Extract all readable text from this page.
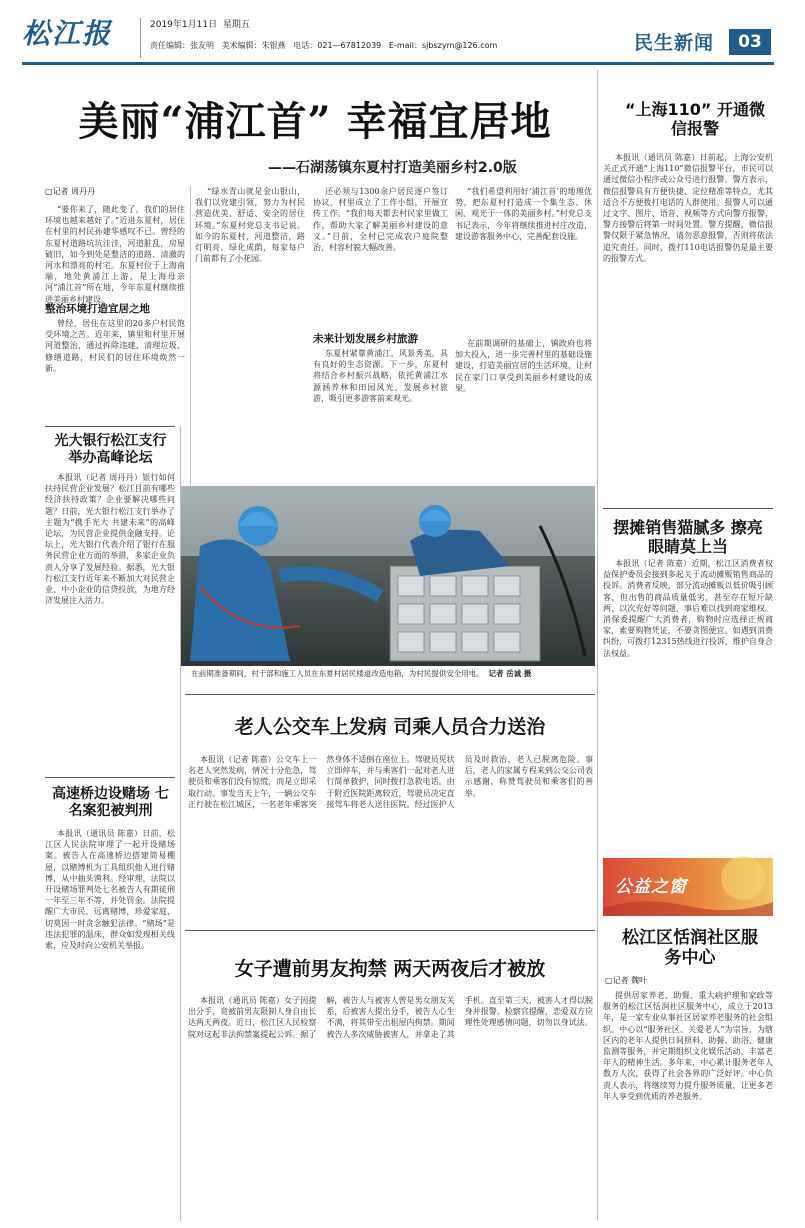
松江报	2019年1月11日 星期五
责任编辑：张友明 美术编辑：朱银燕 电话：021—67812039 E-mail：sjbszym@126.com	民生新闻	03
美丽“浦江首” 幸福宜居地
——石湖荡镇东夏村打造美丽乡村2.0版
▢记者 周丹丹
“要你来了，随此变了，我们的居住环境也越来越好了。”近进东夏村，居住在村里的村民孙建华感叹不已。曾经的东夏村道路坑坑洼洼，河道脏乱，房屋破旧，如今到处是整洁的道路、清澈的河水和漂亮的村宅。东夏村位于上海南端，地处黄浦江上游，是上海母亲河“浦江首”所在地，今年东夏村继续推进美丽乡村建设。
整治环境打造宜居之地
曾经，居住在这里的20多户村民饱受环境之苦。近年来，镇里和村里开展河道整治，通过拆除违建、清理垃圾、修缮道路，村民们的居住环境焕然一新。
“绿水青山就是金山银山，我们以党建引领，努力为村民营造优美、舒适、安全的居住环境。”东夏村党总支书记说。如今的东夏村，河道整洁，路灯明亮，绿化成荫，每家每户门前都有了小花园。
还必须与1300余户居民逐户签订协议，村里成立了工作小组，开展宣传工作。“我们每天都去村民家里做工作，帮助大家了解美丽乡村建设的意义。”目前，全村已完成农户庭院整治，村容村貌大幅改善。
未来计划发展乡村旅游
东夏村紧靠黄浦江，风景秀美，具有良好的生态资源。下一步，东夏村将结合乡村振兴战略，依托黄浦江水源涵养林和田园风光，发展乡村旅游，吸引更多游客前来观光。
“我们希望利用好‘浦江首’的地理优势，把东夏村打造成一个集生态、休闲、观光于一体的美丽乡村。”村党总支书记表示，今年将继续推进村庄改造，建设游客服务中心，完善配套设施。
在前期调研的基础上，镇政府也将加大投入，进一步完善村里的基础设施建设，打造美丽宜居的生活环境，让村民在家门口享受到美丽乡村建设的成果。
在前期准备期间，村干部和施工人员在东夏村居民楼道改造电箱，为村民提供安全用电。 记者 岳诚 摄
光大银行松江支行举办高峰论坛
本报讯（记者 周丹丹）银行如何扶持民营企业发展？松江目前有哪些经济扶持政策？企业要解决哪些问题？日前，光大银行松江支行举办了主题为“携手光大 共建未来”的高峰论坛，为民营企业提供金融支持。论坛上，光大银行代表介绍了银行在服务民营企业方面的举措，多家企业负责人分享了发展经验。据悉，光大银行松江支行近年来不断加大对民营企业、中小企业的信贷投放，为地方经济发展注入活力。
高速桥边设赌场 七名案犯被判刑
本报讯（通讯员 陈嘉）日前，松江区人民法院审理了一起开设赌场案。被告人在高速桥边搭建简易棚屋，以赌博机为工具组织他人进行赌博，从中抽头渔利。经审理，法院以开设赌场罪判处七名被告人有期徒刑一年至三年不等，并处罚金。法院提醒广大市民，远离赌博，珍爱家庭，切莫因一时贪念触犯法律。“赌场”是违法犯罪的温床，群众如发现相关线索，应及时向公安机关举报。
老人公交车上发病 司乘人员合力送治
本报讯（记者 陈嘉）公交车上一名老人突然发病，情况十分危急，驾驶员和乘客们没有惊慌，而是立即采取行动。事发当天上午，一辆公交车正行驶在松江城区，一名老年乘客突然身体不适倒在座位上。驾驶员见状立即停车，并与乘客们一起对老人进行简单救护，同时拨打急救电话。由于附近医院距离较近，驾驶员决定直接驾车将老人送往医院。经过医护人员及时救治，老人已脱离危险。事后，老人的家属专程来到公交公司表示感谢，称赞驾驶员和乘客们的善举。
女子遭前男友拘禁 两天两夜后才被放
本报讯（通讯员 陈嘉）女子因提出分手，竟被前男友限制人身自由长达两天两夜。近日，松江区人民检察院对这起非法拘禁案提起公诉。据了解，被告人与被害人曾是男女朋友关系，后被害人提出分手，被告人心生不满，将其带至出租屋内拘禁。期间被告人多次威胁被害人，并拿走了其手机。直至第三天，被害人才得以脱身并报警。检察官提醒，恋爱双方应理性处理感情问题，切勿以身试法。
“上海110” 开通微信报警
本报讯（通讯员 陈嘉）日前起，上海公安机关正式开通“上海110”微信报警平台，市民可以通过微信小程序或公众号进行报警。警方表示，微信报警具有方便快捷、定位精准等特点，尤其适合不方便拨打电话的人群使用。报警人可以通过文字、图片、语音、视频等方式向警方报警，警方接警后将第一时间处置。警方提醒，微信报警仅限于紧急情况，请勿恶意报警，否则将依法追究责任。同时，拨打110电话报警仍是最主要的报警方式。
摆摊销售猫腻多 擦亮眼睛莫上当
本报讯（记者 陈嘉）近期，松江区消费者权益保护委员会接到多起关于流动摊贩销售商品的投诉。消费者反映，部分流动摊贩以低价吸引顾客，但出售的商品质量低劣，甚至存在短斤缺两、以次充好等问题，事后难以找到商家维权。消保委提醒广大消费者，购物时应选择正规商家，索要购物凭证，不要贪图便宜。如遇到消费纠纷，可拨打12315热线进行投诉，维护自身合法权益。
公益之窗
松江区恬润社区服务中心
▢记者 魏叶
提供居家养老、助餐、重大病护理和家政等服务的松江区恬润社区服务中心，成立于2013年，是一家专业从事社区居家养老服务的社会组织。中心以“服务社区、关爱老人”为宗旨，为辖区内的老年人提供日间照料、助餐、助浴、健康监测等服务，并定期组织文化娱乐活动，丰富老年人的精神生活。多年来，中心累计服务老年人数万人次，获得了社会各界的广泛好评。中心负责人表示，将继续努力提升服务质量，让更多老年人享受到优质的养老服务。
